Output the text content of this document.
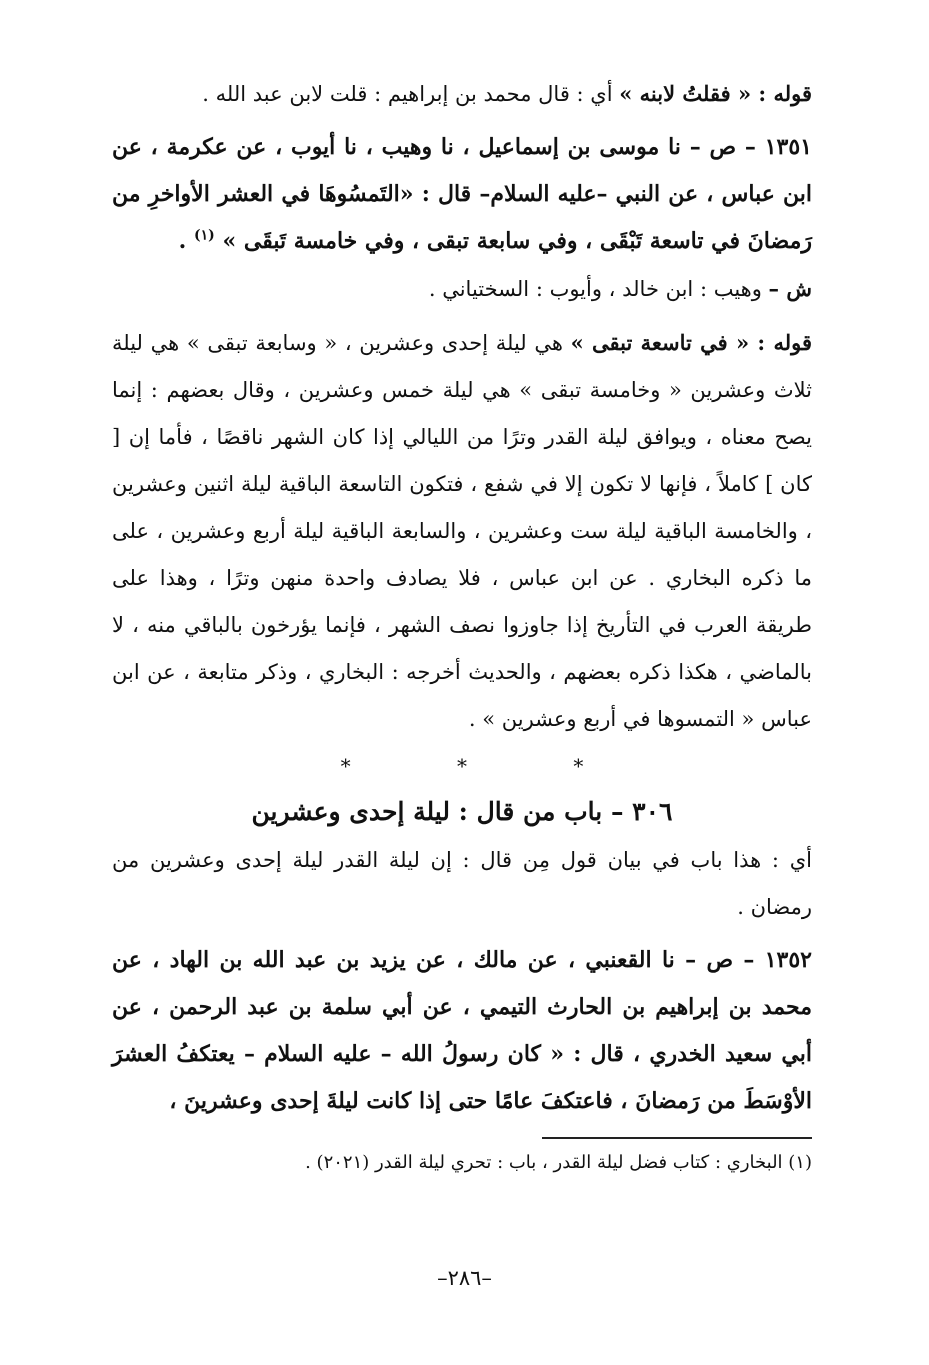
قوله : « فقلتُ لابنه » أي : قال محمد بن إبراهيم : قلت لابن عبد الله .

١٣٥١ – ص – نا موسى بن إسماعيل ، نا وهيب ، نا أيوب ، عن عكرمة ، عن ابن عباس ، عن النبي –عليه السلام– قال : «التَمسُوهَا في العشر الأواخرِ من رَمضانَ في تاسعة تَبْقَى ، وفي سابعة تبقى ، وفي خامسة تَبقَى » $^{(١)}$ .

ش – وهيب : ابن خالد ، وأيوب : السختياني .

قوله : « في تاسعة تبقى » هي ليلة إحدى وعشرين ، « وسابعة تبقى » هي ليلة ثلاث وعشرين « وخامسة تبقى » هي ليلة خمس وعشرين ، وقال بعضهم : إنما يصح معناه ، ويوافق ليلة القدر وترًا من الليالي إذا كان الشهر ناقصًا ، فأما إن [ كان ] كاملاً ، فإنها لا تكون إلا في شفع ، فتكون التاسعة الباقية ليلة اثنين وعشرين ، والخامسة الباقية ليلة ست وعشرين ، والسابعة الباقية ليلة أربع وعشرين ، على ما ذكره البخاري . عن ابن عباس ، فلا يصادف واحدة منهن وترًا ، وهذا على طريقة العرب في التأريخ إذا جاوزوا نصف الشهر ، فإنما يؤرخون بالباقي منه ، لا بالماضي ، هكذا ذكره بعضهم ، والحديث أخرجه : البخاري ، وذكر متابعة ، عن ابن عباس « التمسوها في أربع وعشرين » .

* * *

٣٠٦ – باب من قال : ليلة إحدى وعشرين

أي : هذا باب في بيان قول مِن قال : إن ليلة القدر ليلة إحدى وعشرين من رمضان .

١٣٥٢ – ص – نا القعنبي ، عن مالك ، عن يزيد بن عبد الله بن الهاد ، عن محمد بن إبراهيم بن الحارث التيمي ، عن أبي سلمة بن عبد الرحمن ، عن أبي سعيد الخدري ، قال : « كان رسولُ الله – عليه السلام – يعتكفُ العشرَ الأوْسَطَ من رَمضانَ ، فاعتكفَ عامًا حتى إذا كانت ليلةَ إحدى وعشرينَ ،

(١) البخاري : كتاب فضل ليلة القدر ، باب : تحري ليلة القدر (٢٠٢١) .

–٢٨٦–
